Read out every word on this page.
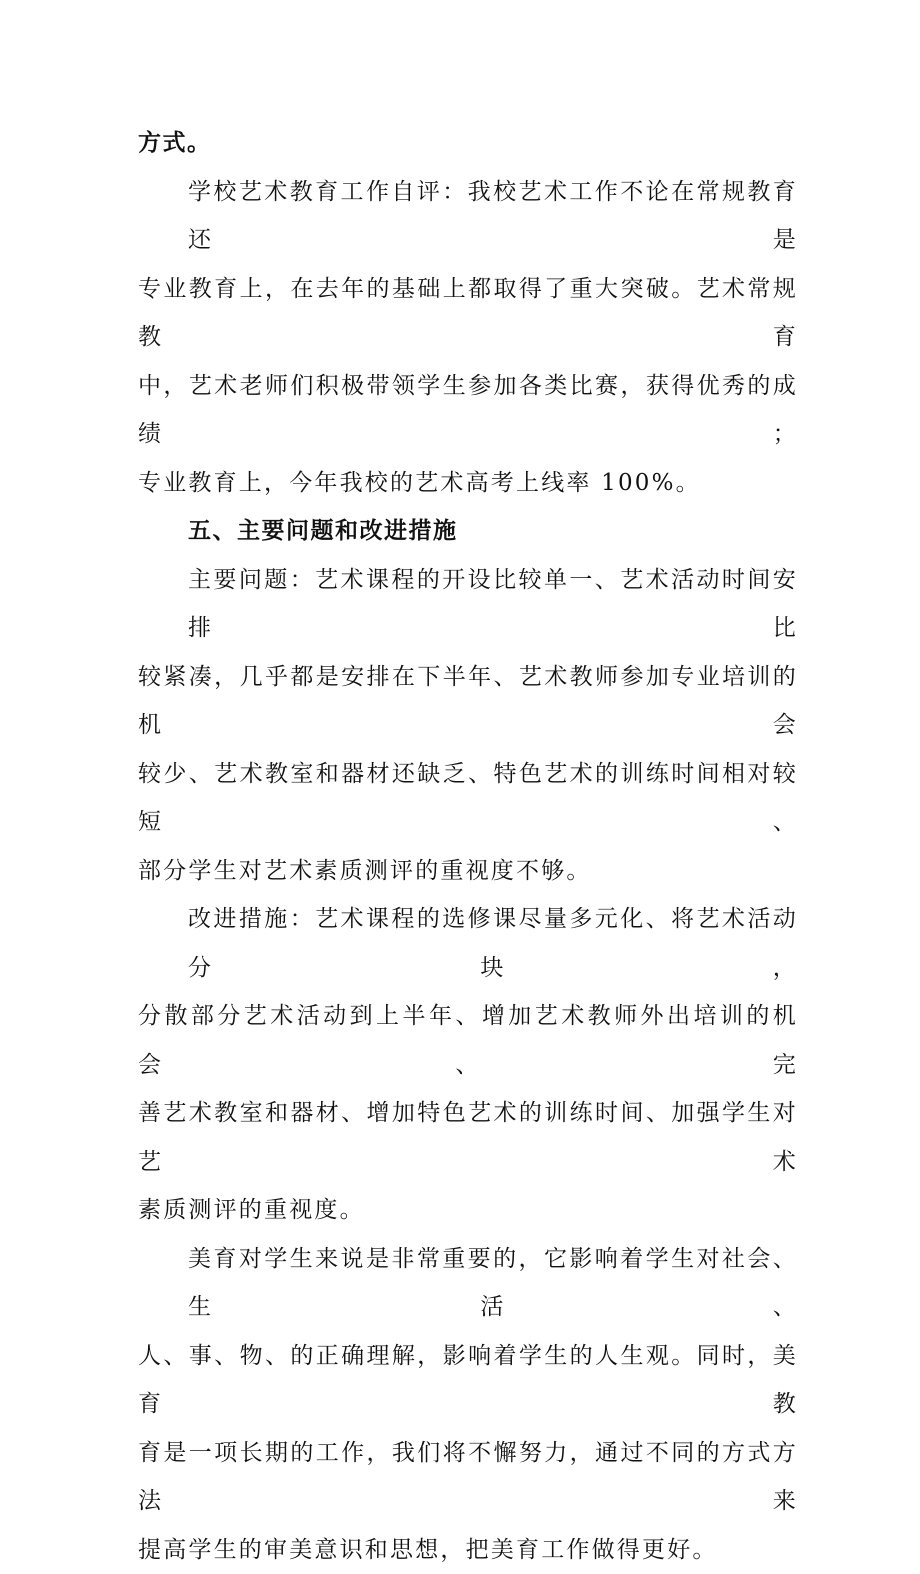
方式。

学校艺术教育工作自评：我校艺术工作不论在常规教育还是
专业教育上，在去年的基础上都取得了重大突破。艺术常规教育
中，艺术老师们积极带领学生参加各类比赛，获得优秀的成绩；
专业教育上，今年我校的艺术高考上线率 100%。

五、主要问题和改进措施

主要问题：艺术课程的开设比较单一、艺术活动时间安排比
较紧凑，几乎都是安排在下半年、艺术教师参加专业培训的机会
较少、艺术教室和器材还缺乏、特色艺术的训练时间相对较短、
部分学生对艺术素质测评的重视度不够。

改进措施：艺术课程的选修课尽量多元化、将艺术活动分块，
分散部分艺术活动到上半年、增加艺术教师外出培训的机会、完
善艺术教室和器材、增加特色艺术的训练时间、加强学生对艺术
素质测评的重视度。

美育对学生来说是非常重要的，它影响着学生对社会、生活、
人、事、物、的正确理解，影响着学生的人生观。同时，美育教
育是一项长期的工作，我们将不懈努力，通过不同的方式方法来
提高学生的审美意识和思想，把美育工作做得更好。
